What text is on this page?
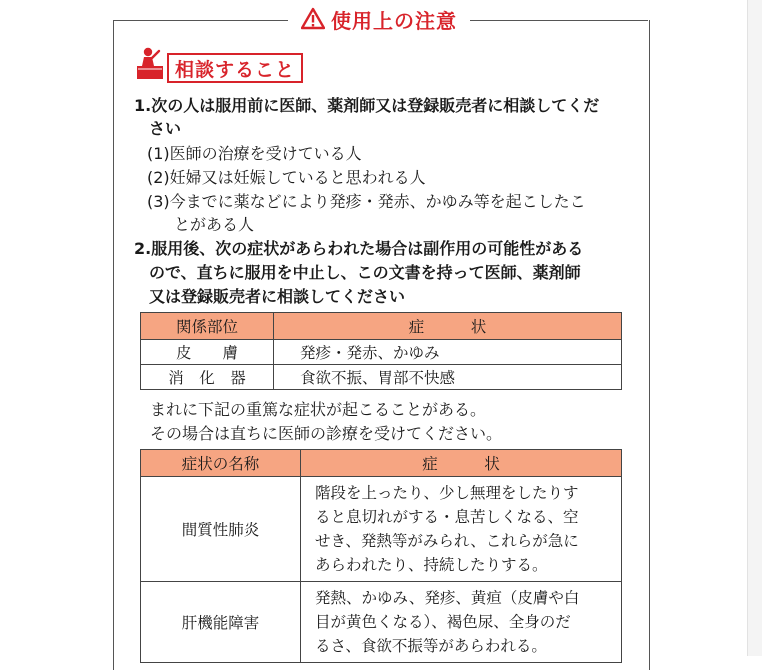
使用上の注意
相談すること
1.次の人は服用前に医師、薬剤師又は登録販売者に相談してくだ
さい
(1)医師の治療を受けている人
(2)妊婦又は妊娠していると思われる人
(3)今までに薬などにより発疹・発赤、かゆみ等を起こしたこ
とがある人
2.服用後、次の症状があらわれた場合は副作用の可能性がある
ので、直ちに服用を中止し、この文書を持って医師、薬剤師
又は登録販売者に相談してください
関係部位	症　　　状
皮　　膚	発疹・発赤、かゆみ
消　化　器	食欲不振、胃部不快感
まれに下記の重篤な症状が起こることがある。
その場合は直ちに医師の診療を受けてください。
症状の名称	症　　　状
間質性肺炎	階段を上ったり、少し無理をしたりす
ると息切れがする・息苦しくなる、空
せき、発熱等がみられ、これらが急に
あらわれたり、持続したりする。

肝機能障害	発熱、かゆみ、発疹、黄疸（皮膚や白
目が黄色くなる）、褐色尿、全身のだ
るさ、食欲不振等があらわれる。
